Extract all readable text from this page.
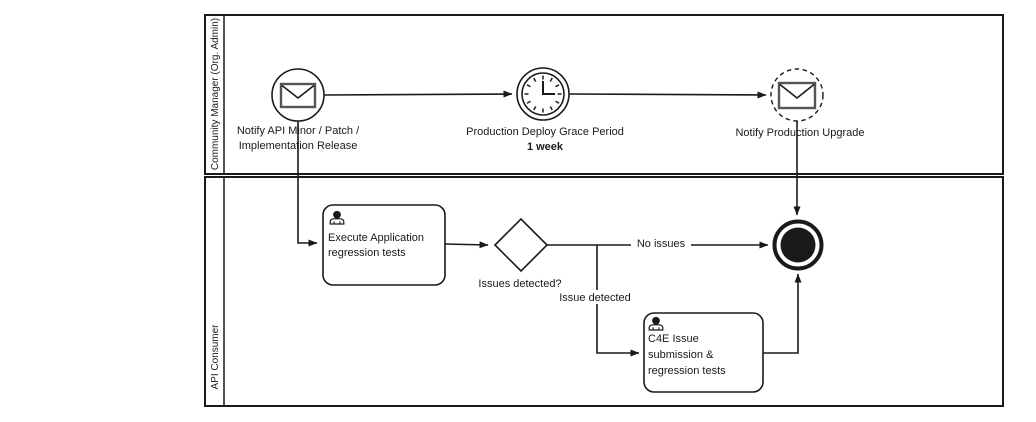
Community Manager (Org. Admin)
API Consumer
Notify API Minor / Patch /
Implementation Release
Production Deploy Grace Period
1 week
Notify Production Upgrade
Execute Application
regression tests
Issues detected?
No issues
Issue detected
C4E Issue
submission &
regression tests
